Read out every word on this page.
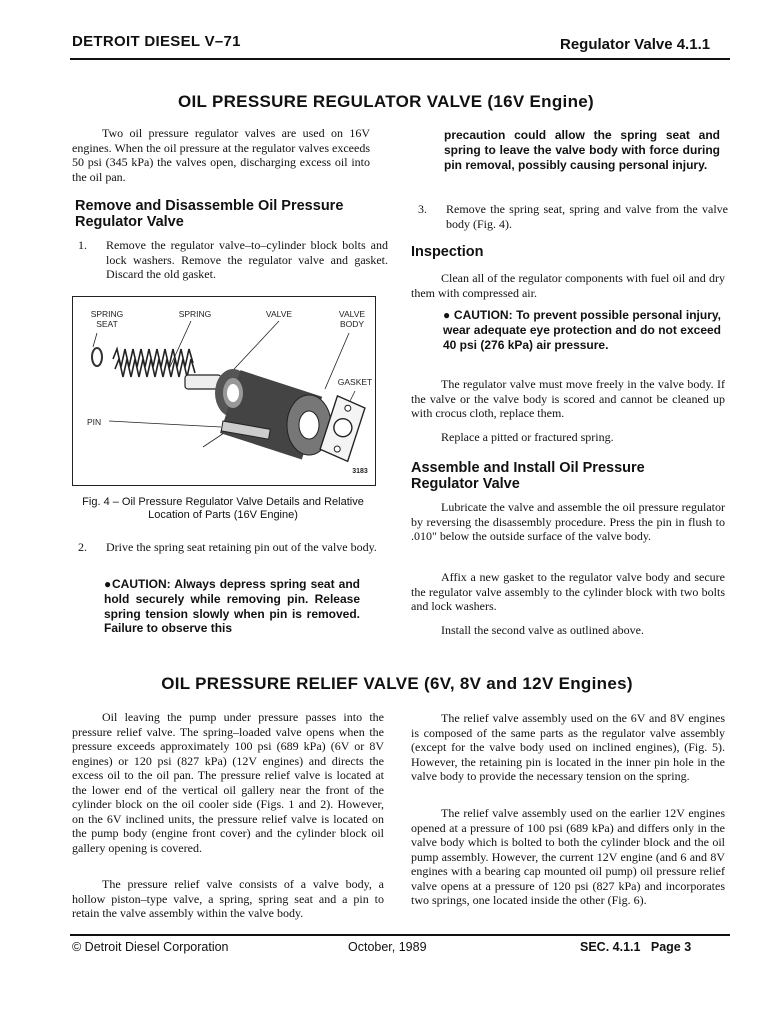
DETROIT DIESEL V–71	Regulator Valve 4.1.1
OIL PRESSURE REGULATOR VALVE (16V Engine)
Two oil pressure regulator valves are used on 16V engines. When the oil pressure at the regulator valves exceeds 50 psi (345 kPa) the valves open, discharging excess oil into the oil pan.
Remove and Disassemble Oil Pressure Regulator Valve
1. Remove the regulator valve–to–cylinder block bolts and lock washers. Remove the regulator valve and gasket. Discard the old gasket.
SPRING SEAT
SPRING	VALVE	VALVE BODY
GASKET
PIN
3183
Fig. 4 – Oil Pressure Regulator Valve Details and Relative Location of Parts (16V Engine)
2. Drive the spring seat retaining pin out of the valve body.
●CAUTION: Always depress spring seat and hold securely while removing pin. Release spring tension slowly when pin is removed. Failure to observe this
precaution could allow the spring seat and spring to leave the valve body with force during pin removal, possibly causing personal injury.
3. Remove the spring seat, spring and valve from the valve body (Fig. 4).
Inspection
Clean all of the regulator components with fuel oil and dry them with compressed air.
● CAUTION: To prevent possible personal injury, wear adequate eye protection and do not exceed 40 psi (276 kPa) air pressure.
The regulator valve must move freely in the valve body. If the valve or the valve body is scored and cannot be cleaned up with crocus cloth, replace them.
Replace a pitted or fractured spring.
Assemble and Install Oil Pressure Regulator Valve
Lubricate the valve and assemble the oil pressure regulator by reversing the disassembly procedure. Press the pin in flush to .010" below the outside surface of the valve body.
Affix a new gasket to the regulator valve body and secure the regulator valve assembly to the cylinder block with two bolts and lock washers.
Install the second valve as outlined above.
OIL PRESSURE RELIEF VALVE (6V, 8V and 12V Engines)
Oil leaving the pump under pressure passes into the pressure relief valve. The spring–loaded valve opens when the pressure exceeds approximately 100 psi (689 kPa) (6V or 8V engines) or 120 psi (827 kPa) (12V engines) and directs the excess oil to the oil pan. The pressure relief valve is located at the lower end of the vertical oil gallery near the front of the cylinder block on the oil cooler side (Figs. 1 and 2). However, on the 6V inclined units, the pressure relief valve is located on the pump body (engine front cover) and the cylinder block oil gallery opening is covered.
The pressure relief valve consists of a valve body, a hollow piston–type valve, a spring, spring seat and a pin to retain the valve assembly within the valve body.
The relief valve assembly used on the 6V and 8V engines is composed of the same parts as the regulator valve assembly (except for the valve body used on inclined engines), (Fig. 5). However, the retaining pin is located in the inner pin hole in the valve body to provide the necessary tension on the spring.
The relief valve assembly used on the earlier 12V engines opened at a pressure of 100 psi (689 kPa) and differs only in the valve body which is bolted to both the cylinder block and the oil pump assembly. However, the current 12V engine (and 6 and 8V engines with a bearing cap mounted oil pump) oil pressure relief valve opens at a pressure of 120 psi (827 kPa) and incorporates two springs, one located inside the other (Fig. 6).
© Detroit Diesel Corporation	October, 1989	SEC. 4.1.1   Page 3
